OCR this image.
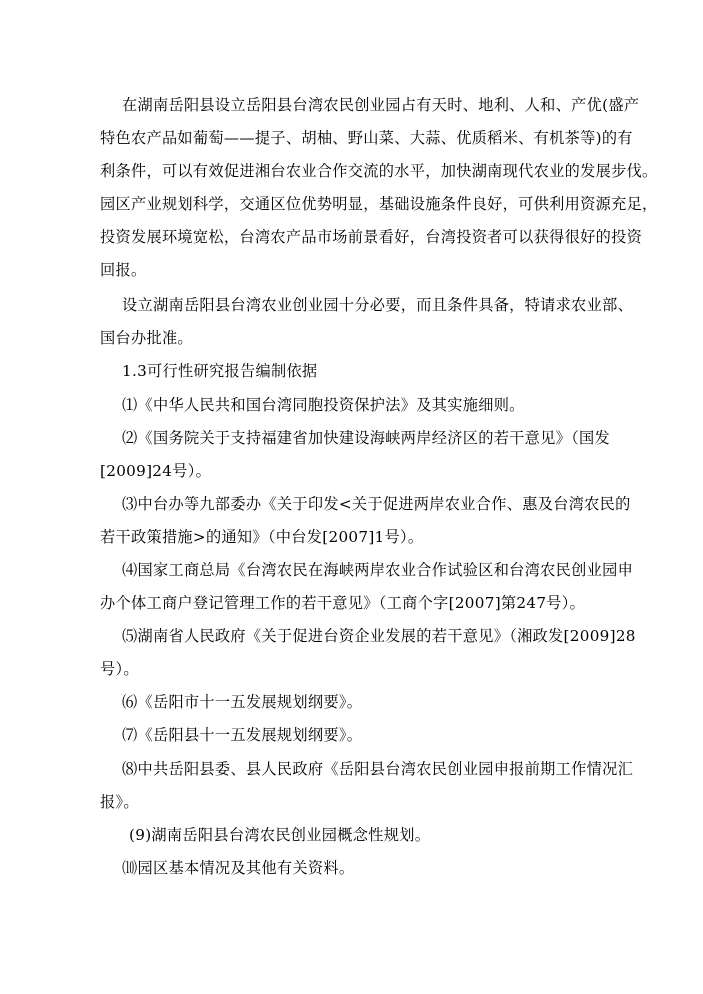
在湖南岳阳县设立岳阳县台湾农民创业园占有天时、地利、人和、产优(盛产
特色农产品如葡萄——提子、胡柚、野山菜、大蒜、优质稻米、有机茶等)的有
利条件，可以有效促进湘台农业合作交流的水平，加快湖南现代农业的发展步伐。
园区产业规划科学，交通区位优势明显，基础设施条件良好，可供利用资源充足，
投资发展环境宽松，台湾农产品市场前景看好，台湾投资者可以获得很好的投资
回报。
设立湖南岳阳县台湾农业创业园十分必要，而且条件具备，特请求农业部、
国台办批准。
1.3可行性研究报告编制依据
⑴《中华人民共和国台湾同胞投资保护法》及其实施细则。
⑵《国务院关于支持福建省加快建设海峡两岸经济区的若干意见》（国发
[2009]24号）。
⑶中台办等九部委办《关于印发<关于促进两岸农业合作、惠及台湾农民的
若干政策措施>的通知》（中台发[2007]1号）。
⑷国家工商总局《台湾农民在海峡两岸农业合作试验区和台湾农民创业园申
办个体工商户登记管理工作的若干意见》（工商个字[2007]第247号）。
⑸湖南省人民政府《关于促进台资企业发展的若干意见》（湘政发[2009]28
号）。
⑹《岳阳市十一五发展规划纲要》。
⑺《岳阳县十一五发展规划纲要》。
⑻中共岳阳县委、县人民政府《岳阳县台湾农民创业园申报前期工作情况汇
报》。
(9)湖南岳阳县台湾农民创业园概念性规划。
⑽园区基本情况及其他有关资料。
